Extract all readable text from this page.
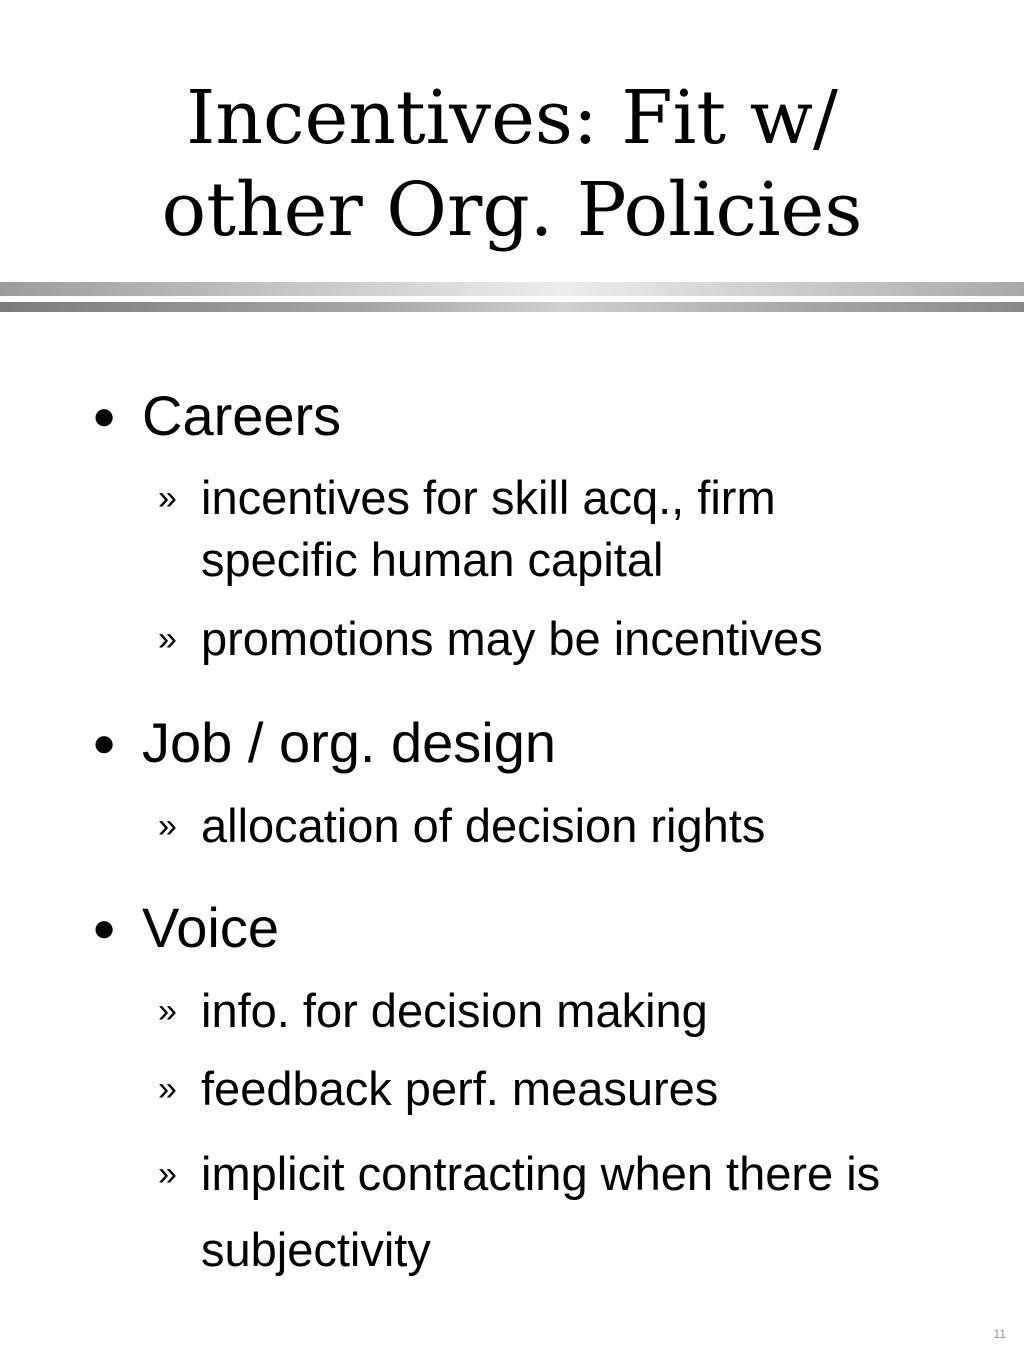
Incentives: Fit w/
other Org. Policies
● Careers
» incentives for skill acq., firm specific human capital
» promotions may be incentives
● Job / org. design
» allocation of decision rights
● Voice
» info. for decision making
» feedback perf. measures
» implicit contracting when there is subjectivity
11
